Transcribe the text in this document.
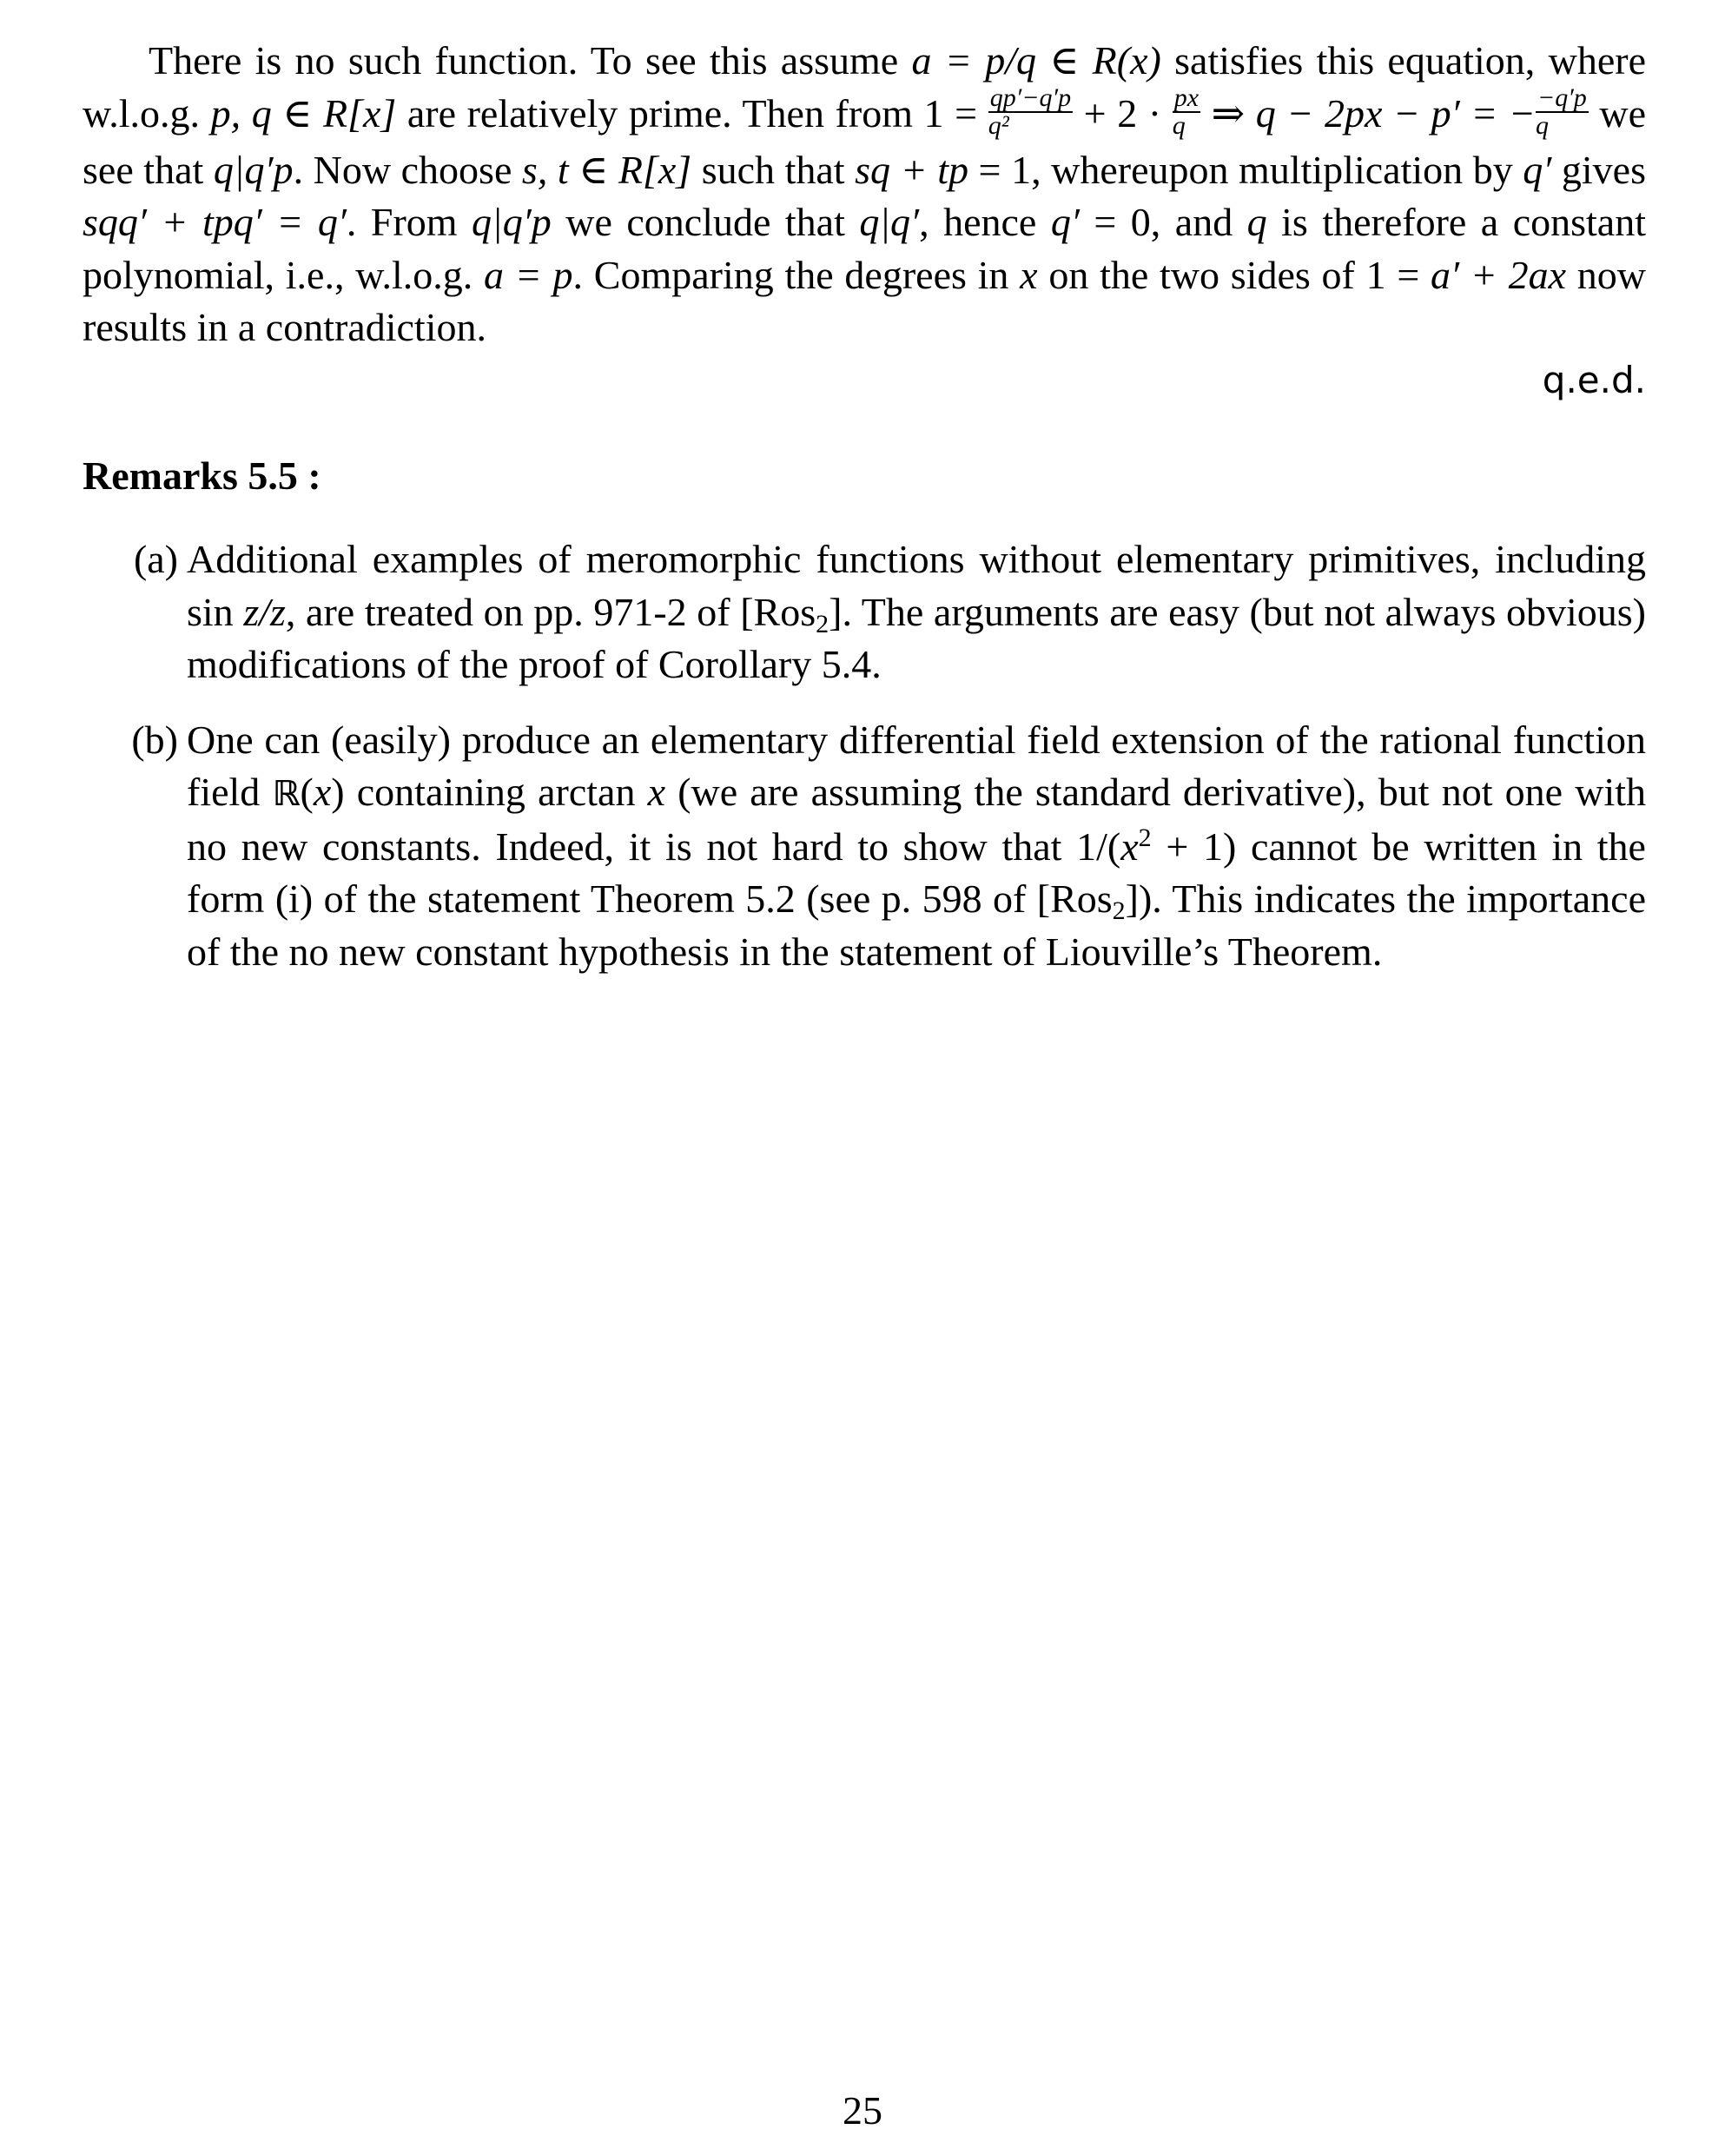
There is no such function. To see this assume a = p/q ∈ R(x) satisfies this equation, where w.l.o.g. p, q ∈ R[x] are relatively prime. Then from $1 = \frac{qp'-q'p}{\text{q²}} + 2 \cdot \frac{px}{q}$ ⇒ q − 2px − p′ = − $\frac{-q'p}{q}$ we see that q|q′p. Now choose s, t ∈ R[x] such that sq + tp = 1, whereupon multiplication by q′ gives sqq′ + tpq′ = q′. From q|q′p we conclude that q|q′, hence q′ = 0, and q is therefore a constant polynomial, i.e., w.l.o.g. a = p. Comparing the degrees in x on the two sides of 1 = a′ + 2ax now results in a contradiction.

q.e.d.
Remarks 5.5 :
(a) Additional examples of meromorphic functions without elementary primitives, including sin z/z, are treated on pp. 971-2 of [Ros$_2$]. The arguments are easy (but not always obvious) modifications of the proof of Corollary 5.4.
(b) One can (easily) produce an elementary differential field extension of the rational function field ℝ(x) containing arctan x (we are assuming the standard derivative), but not one with no new constants. Indeed, it is not hard to show that $1/(x^2 + 1)$ cannot be written in the form (i) of the statement Theorem 5.2 (see p. 598 of [Ros$_2$]). This indicates the importance of the no new constant hypothesis in the statement of Liouville’s Theorem.
25
